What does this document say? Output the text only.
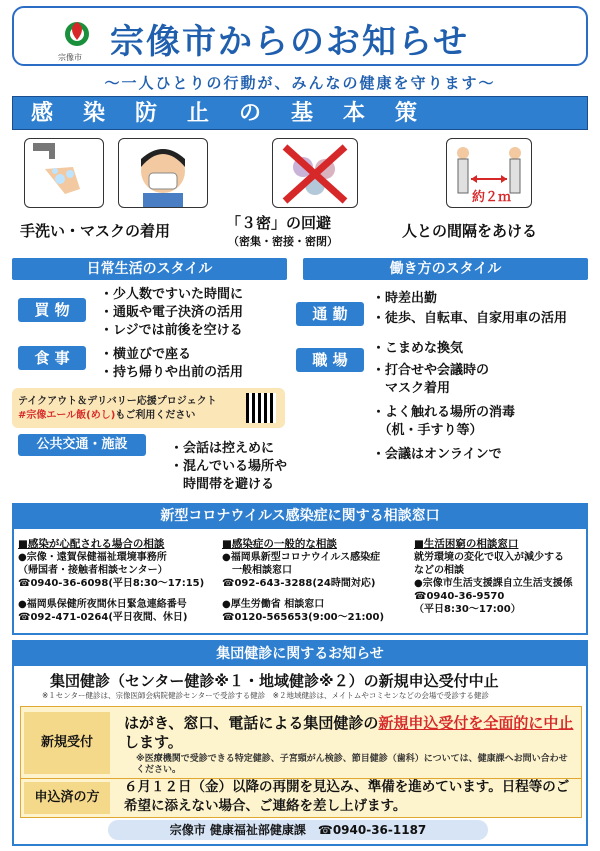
宗像市 宗像市からのお知らせ
〜一人ひとりの行動が、みんなの健康を守ります〜
感染防止の基本策
約２ｍ
手洗い・マスクの着用	「３密」の回避
（密集・密接・密閉）
人との間隔をあける
日常生活のスタイル
買 物
・少人数ですいた時間に
・通販や電子決済の活用
・レジでは前後を空ける
食 事	・横並びで座る
・持ち帰りや出前の活用
テイクアウト＆デリバリー応援プロジェクト
#宗像エール飯(めし)もご利用ください
公共交通・施設	・会話は控えめに
・混んでいる場所や
　時間帯を避ける
働き方のスタイル
通 勤
・時差出勤
・徒歩、自転車、自家用車の活用
職 場
・こまめな換気
・打合せや会議時の
　マスク着用
・よく触れる場所の消毒
　（机・手すり等）
・会議はオンラインで
新型コロナウイルス感染症に関する相談窓口
■感染が心配される場合の相談
●宗像・遠賀保健福祉環境事務所
（帰国者・接触者相談センター）
☎0940-36-6098(平日8:30～17:15)
●福岡県保健所夜間休日緊急連絡番号
☎092-471-0264(平日夜間、休日)
■感染症の一般的な相談
●福岡県新型コロナウイルス感染症
　一般相談窓口
☎092-643-3288(24時間対応)
●厚生労働省 相談窓口
☎0120-565653(9:00～21:00)
■生活困窮の相談窓口
就労環境の変化で収入が減少する
などの相談
●宗像市生活支援課自立生活支援係
☎0940-36-9570
（平日8:30～17:00）
集団健診に関するお知らせ
集団健診（センター健診※１・地域健診※２）の新規申込受付中止
※１センター健診は、宗像医師会病院健診センターで受診する健診　※２地域健診は、メイトムやコミセンなどの会場で受診する健診
新規受付
はがき、窓口、電話による集団健診の新規申込受付を全面的に中止します。
※医療機関で受診できる特定健診、子宮頸がん検診、節目健診（歯科）については、健康課へお問い合わせください。
申込済の方
６月１２日（金）以降の再開を見込み、準備を進めています。日程等のご希望に添えない場合、ご連絡を差し上げます。
宗像市 健康福祉部健康課　☎0940-36-1187
